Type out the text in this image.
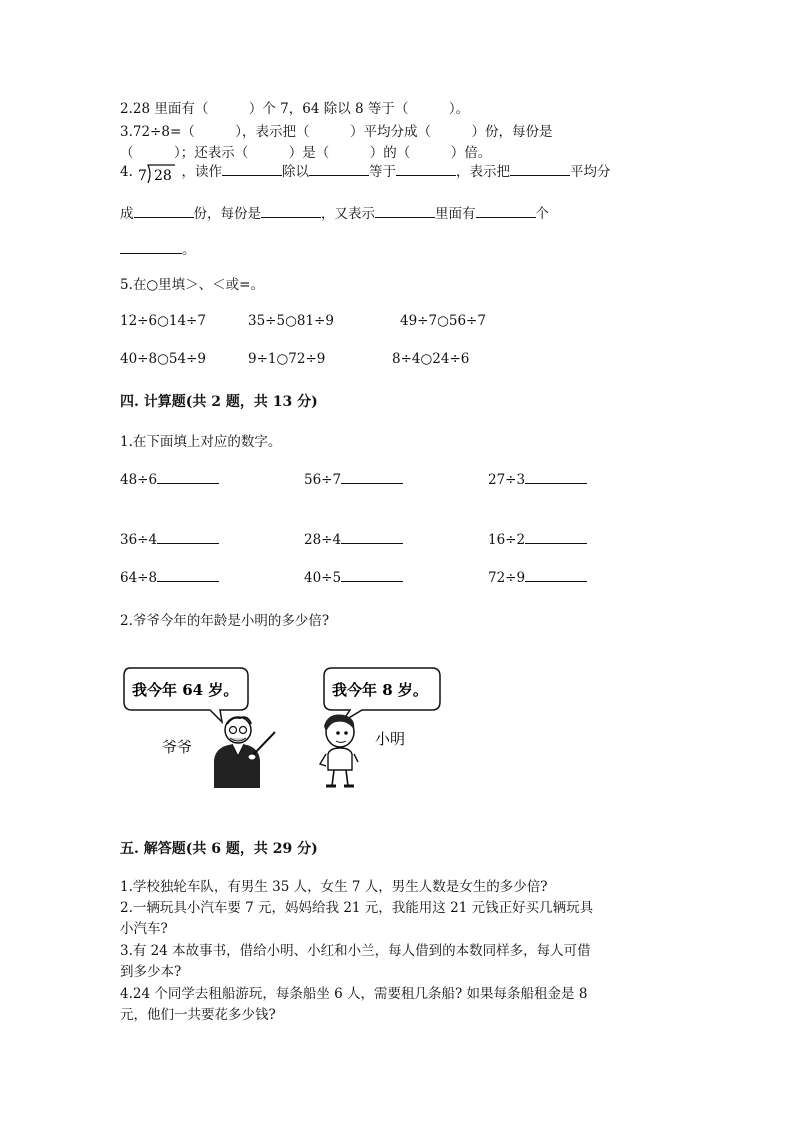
2.28 里面有（　　　）个 7，64 除以 8 等于（　　　）。
3.72÷8=（　　　），表示把（　　　）平均分成（　　　）份，每份是
（　　　）；还表示（　　　）是（　　　）的（　　　）倍。
4. 7 28 ，读作	除以	等于	，表示把	平均分
成	份，每份是	，又表示	里面有	个
。
5.在○里填＞、＜或=。
12÷6○14÷7	35÷5○81÷9	49÷7○56÷7
40÷8○54÷9	9÷1○72÷9	8÷4○24÷6
四. 计算题(共 2 题，共 13 分)
1.在下面填上对应的数字。
48÷6	56÷7	27÷3
36÷4	28÷4	16÷2
64÷8	40÷5	72÷9
2.爷爷今年的年龄是小明的多少倍?
我今年 64 岁。	我今年 8 岁。
爷爷	小明
五. 解答题(共 6 题，共 29 分)
1.学校独轮车队，有男生 35 人，女生 7 人，男生人数是女生的多少倍?
2.一辆玩具小汽车要 7 元，妈妈给我 21 元，我能用这 21 元钱正好买几辆玩具
小汽车?
3.有 24 本故事书，借给小明、小红和小兰，每人借到的本数同样多，每人可借
到多少本?
4.24 个同学去租船游玩，每条船坐 6 人，需要租几条船? 如果每条船租金是 8
元，他们一共要花多少钱?
